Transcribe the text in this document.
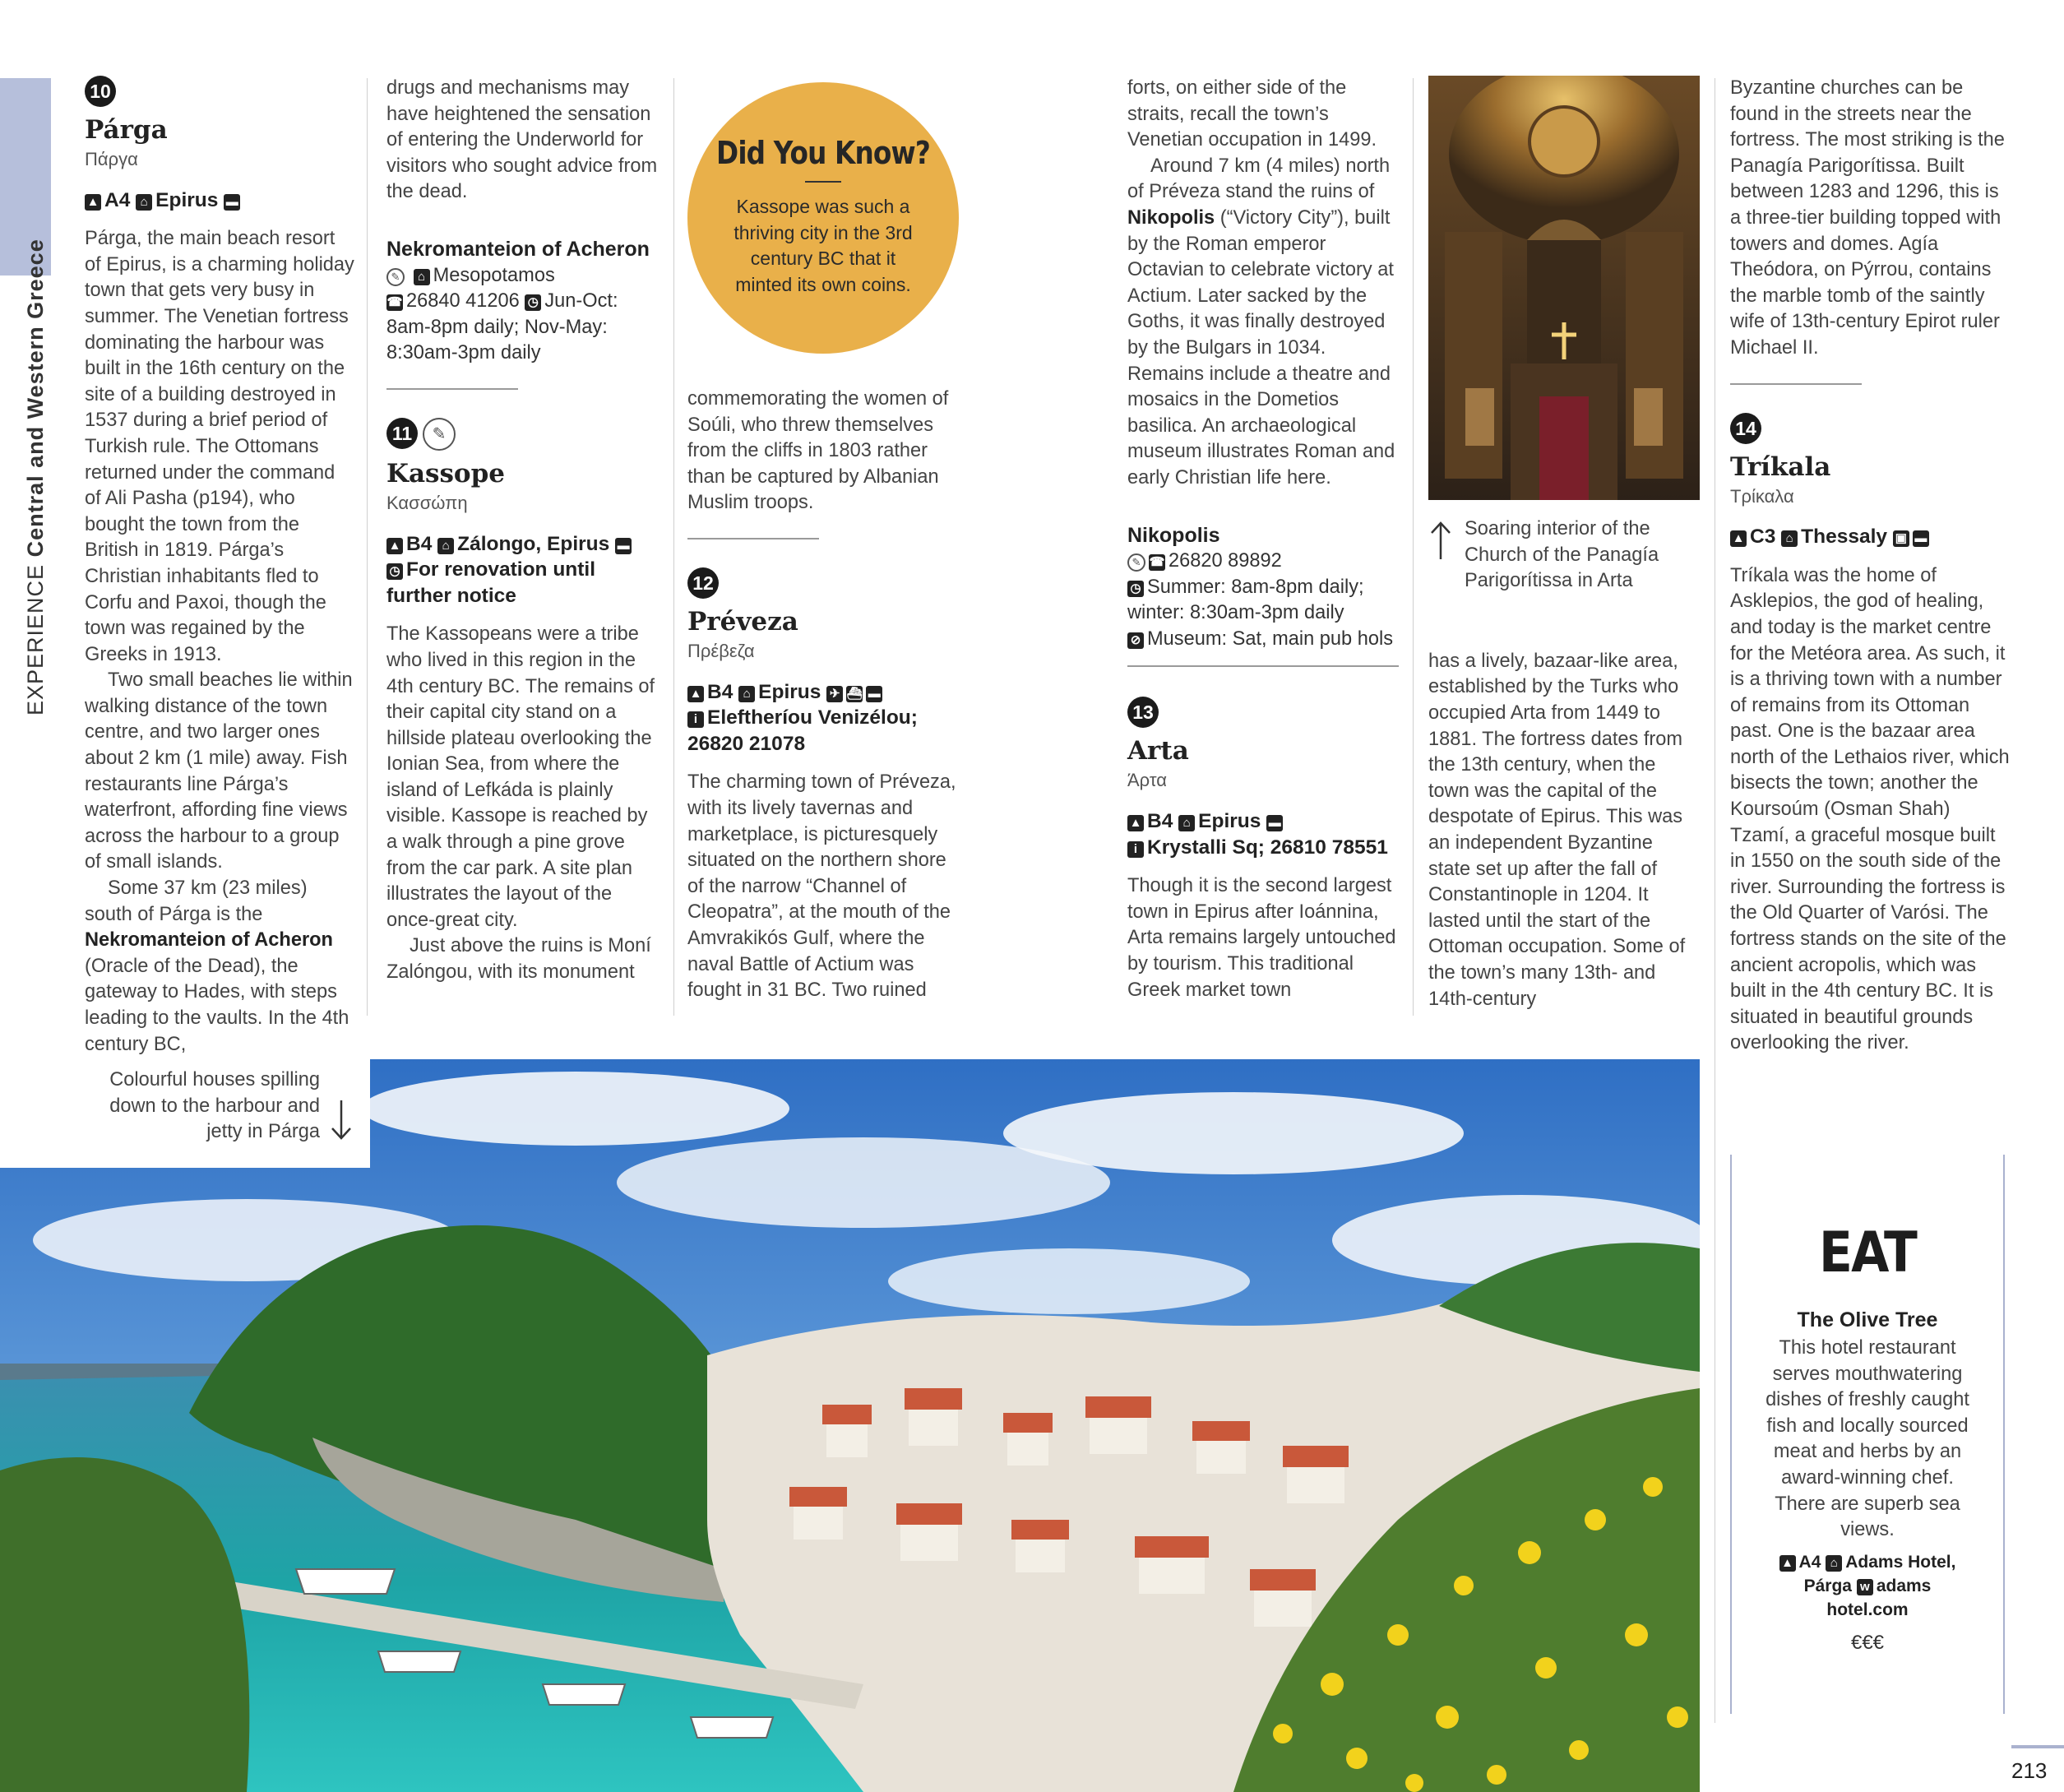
EXPERIENCE Central and Western Greece
10
Párga
Πάργα
▲ A4 ⌂ Epirus ▬

Párga, the main beach resort of Epirus, is a charming holiday town that gets very busy in summer. The Venetian fortress dominating the harbour was built in the 16th century on the site of a building destroyed in 1537 during a brief period of Turkish rule. The Ottomans returned under the command of Ali Pasha (p194), who bought the town from the British in 1819. Párga’s Christian inhabitants fled to Corfu and Paxoi, though the town was regained by the Greeks in 1913.

Two small beaches lie within walking distance of the town centre, and two larger ones about 2 km (1 mile) away. Fish restaurants line Párga’s waterfront, affording fine views across the harbour to a group of small islands.

Some 37 km (23 miles) south of Párga is the Nekromanteion of Acheron (Oracle of the Dead), the gateway to Hades, with steps leading to the vaults. In the 4th century BC,

drugs and mechanisms may have heightened the sensation of entering the Underworld for visitors who sought advice from the dead.

Nekromanteion of Acheron
✎ ⌂ Mesopotamos
☎ 26840 41206 ◷ Jun-Oct: 8am-8pm daily; Nov-May: 8:30am-3pm daily
11 ✎
Kassope
Κασσώπη
▲ B4 ⌂ Zálongo, Epirus ▬
◷ For renovation until further notice

The Kassopeans were a tribe who lived in this region in the 4th century BC. The remains of their capital city stand on a hillside plateau overlooking the Ionian Sea, from where the island of Lefkáda is plainly visible. Kassope is reached by a walk through a pine grove from the car park. A site plan illustrates the layout of the once-great city.

Just above the ruins is Moní Zalóngou, with its monument

Did You Know?
Kassope was such a thriving city in the 3rd century BC that it minted its own coins.

commemorating the women of Soúli, who threw themselves from the cliffs in 1803 rather than be captured by Albanian Muslim troops.

12
Préveza
Πρέβεζα
▲ B4 ⌂ Epirus ✈ ⛴ ▬
i Eleftheríou Venizélou; 26820 21078

The charming town of Préveza, with its lively tavernas and marketplace, is picturesquely situated on the northern shore of the narrow “Channel of Cleopatra”, at the mouth of the Amvrakikós Gulf, where the naval Battle of Actium was fought in 31 BC. Two ruined

forts, on either side of the straits, recall the town’s Venetian occupation in 1499.

Around 7 km (4 miles) north of Préveza stand the ruins of Nikopolis (“Victory City”), built by the Roman emperor Octavian to celebrate victory at Actium. Later sacked by the Goths, it was finally destroyed by the Bulgars in 1034. Remains include a theatre and mosaics in the Dometios basilica. An archaeological museum illustrates Roman and early Christian life here.

Nikopolis
✎ ☎ 26820 89892
◷ Summer: 8am-8pm daily; winter: 8:30am-3pm daily
⊘ Museum: Sat, main pub hols
13
Arta
Άρτα
▲ B4 ⌂ Epirus ▬
i Krystalli Sq; 26810 78551

Though it is the second largest town in Epirus after Ioánnina, Arta remains largely untouched by tourism. This traditional Greek market town

Soaring interior of the Church of the Panagía Parigorítissa in Arta

has a lively, bazaar-like area, established by the Turks who occupied Arta from 1449 to 1881. The fortress dates from the 13th century, when the town was the capital of the despotate of Epirus. This was an independent Byzantine state set up after the fall of Constantinople in 1204. It lasted until the start of the Ottoman occupation. Some of the town’s many 13th- and 14th-century

Byzantine churches can be found in the streets near the fortress. The most striking is the Panagía Parigorítissa. Built between 1283 and 1296, this is a three-tier building topped with towers and domes. Agía Theódora, on Pýrrou, contains the marble tomb of the saintly wife of 13th-century Epirot ruler Michael II.

14
Tríkala
Τρίκαλα
▲ C3 ⌂ Thessaly ▣ ▬

Tríkala was the home of Asklepios, the god of healing, and today is the market centre for the Metéora area. As such, it is a thriving town with a number of remains from its Ottoman past. One is the bazaar area north of the Lethaios river, which bisects the town; another the Koursoúm (Osman Shah) Tzamí, a graceful mosque built in 1550 on the south side of the river. Surrounding the fortress is the Old Quarter of Varósi. The fortress stands on the site of the ancient acropolis, which was built in the 4th century BC. It is situated in beautiful grounds overlooking the river.

Colourful houses spilling down to the harbour and jetty in Párga
EAT
The Olive Tree
This hotel restaurant serves mouthwatering dishes of freshly caught fish and locally sourced meat and herbs by an award-winning chef. There are superb sea views.
▲ A4 ⌂ Adams Hotel, Párga w adams hotel.com
€€€
213
